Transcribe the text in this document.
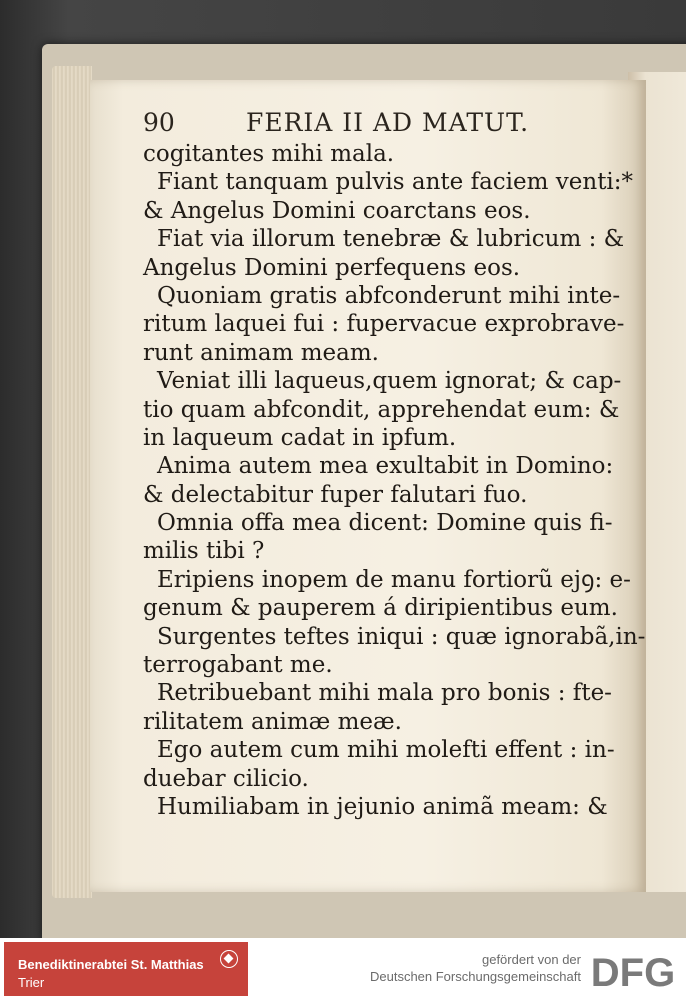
90	FERIA II AD MATUT.
cogitantes mihi mala.
Fiant tanquam pulvis ante faciem venti:*
& Angelus Domini coarctans eos.
Fiat via illorum tenebræ & lubricum : &
Angelus Domini perfequens eos.
Quoniam gratis abfconderunt mihi inte-
ritum laquei fui : fupervacue exprobrave-
runt animam meam.
Veniat illi laqueus,quem ignorat; & cap-
tio quam abfcondit, apprehendat eum: &
in laqueum cadat in ipfum.
Anima autem mea exultabit in Domino:
& delectabitur fuper falutari fuo.
Omnia offa mea dicent: Domine quis fi-
milis tibi ?
Eripiens inopem de manu fortiorũ ejꝯ: e-
genum & pauperem á diripientibus eum.
Surgentes teftes iniqui : quæ ignorabã,in-
terrogabant me.
Retribuebant mihi mala pro bonis : fte-
rilitatem animæ meæ.
Ego autem cum mihi molefti effent : in-
duebar cilicio.
Humiliabam in jejunio animã meam: &
Benediktinerabtei St. Matthias
Trier
gefördert von der
Deutschen Forschungsgemeinschaft DFG
